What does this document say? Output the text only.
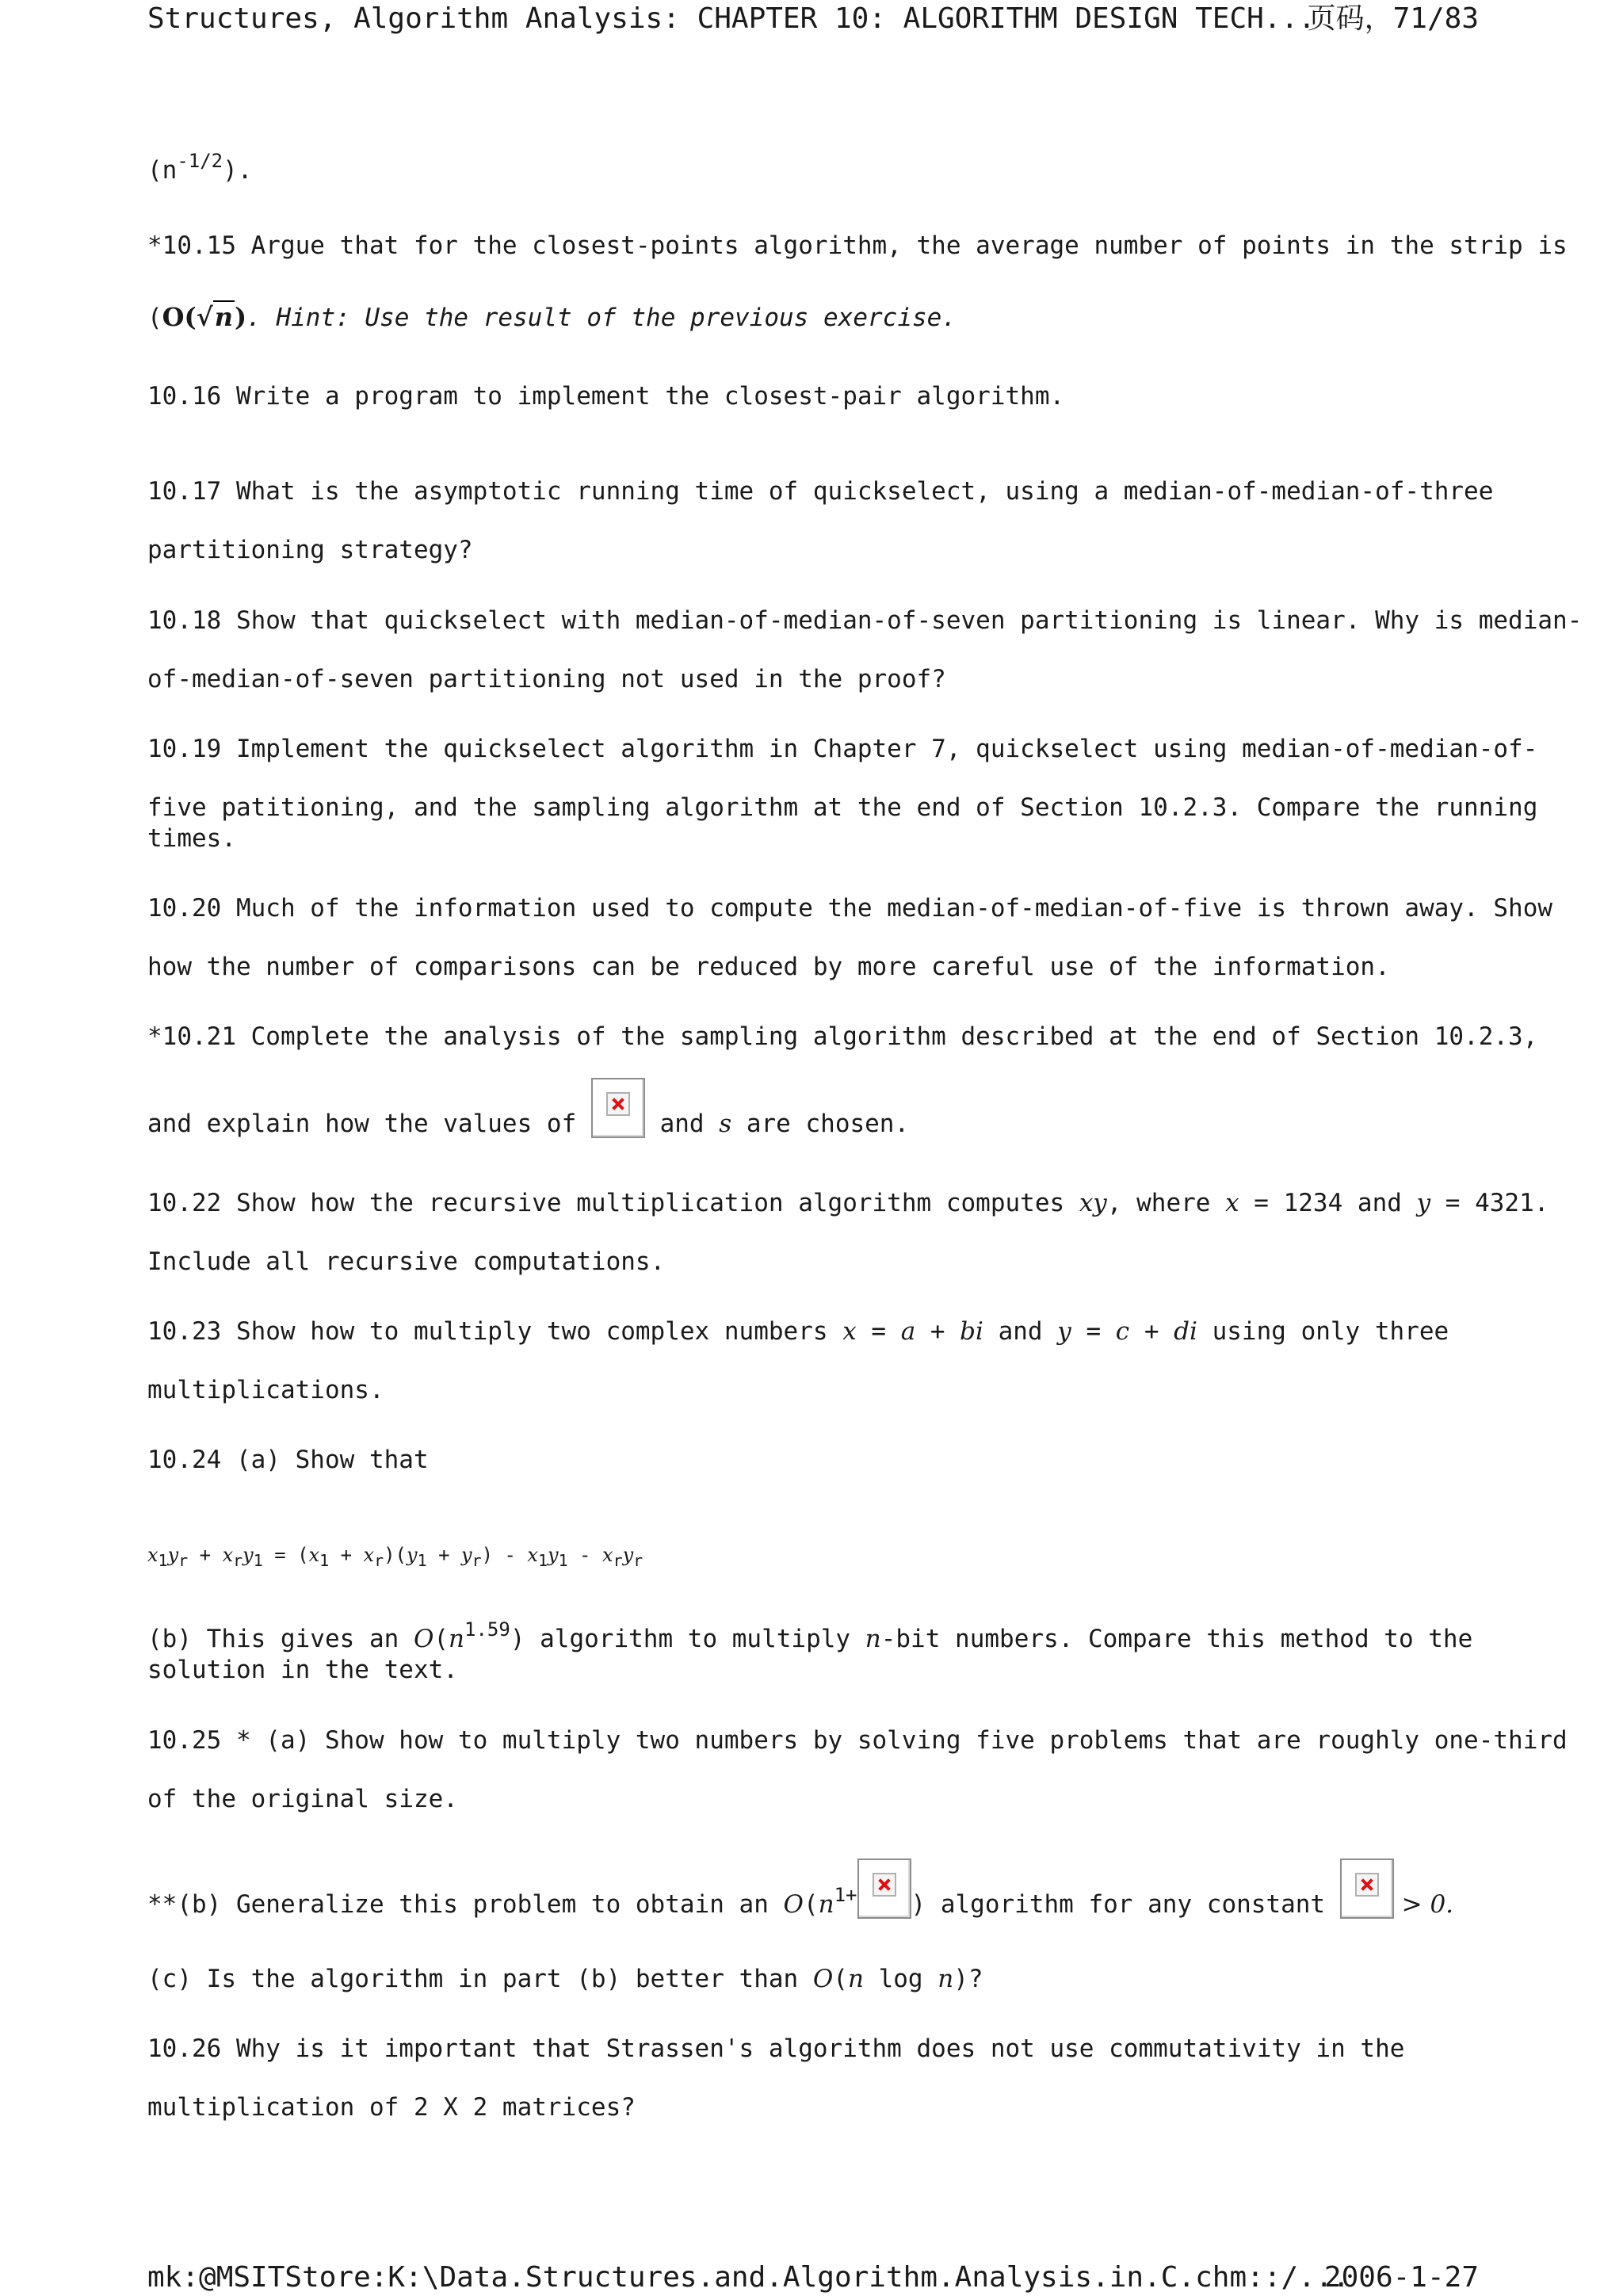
Structures, Algorithm Analysis: CHAPTER 10: ALGORITHM DESIGN TECH...
页码，71/83
$(n^{-1/2})$.
*10.15 Argue that for the closest-points algorithm, the average number of points in the strip is
(O(√n). Hint: Use the result of the previous exercise.
10.16 Write a program to implement the closest-pair algorithm.
10.17 What is the asymptotic running time of quickselect, using a median-of-median-of-three
partitioning strategy?
10.18 Show that quickselect with median-of-median-of-seven partitioning is linear. Why is median-
of-median-of-seven partitioning not used in the proof?
10.19 Implement the quickselect algorithm in Chapter 7, quickselect using median-of-median-of-
five patitioning, and the sampling algorithm at the end of Section 10.2.3. Compare the running
times.
10.20 Much of the information used to compute the median-of-median-of-five is thrown away. Show
how the number of comparisons can be reduced by more careful use of the information.
*10.21 Complete the analysis of the sampling algorithm described at the end of Section 10.2.3,
and explain how the values of
and s are chosen.
10.22 Show how the recursive multiplication algorithm computes xy, where x = 1234 and y = 4321.
Include all recursive computations.
10.23 Show how to multiply two complex numbers x = a + bi and y = c + di using only three
multiplications.
10.24 (a) Show that
$x_1y_r + x_ry_1 = (x_1 + x_r)(y_1 + y_r) - x_1y_1 - x_ry_r$
(b) This gives an $O(n^{1.59})$ algorithm to multiply n-bit numbers. Compare this method to the
solution in the text.
10.25 * (a) Show how to multiply two numbers by solving five problems that are roughly one-third
of the original size.
**(b) Generalize this problem to obtain an $O(n^{1+}$ ) algorithm for any constant
> 0.
(c) Is the algorithm in part (b) better than O(n log n)?
10.26 Why is it important that Strassen's algorithm does not use commutativity in the
multiplication of 2 X 2 matrices?
mk:@MSITStore:K:\Data.Structures.and.Algorithm.Analysis.in.C.chm::/...
2006-1-27
